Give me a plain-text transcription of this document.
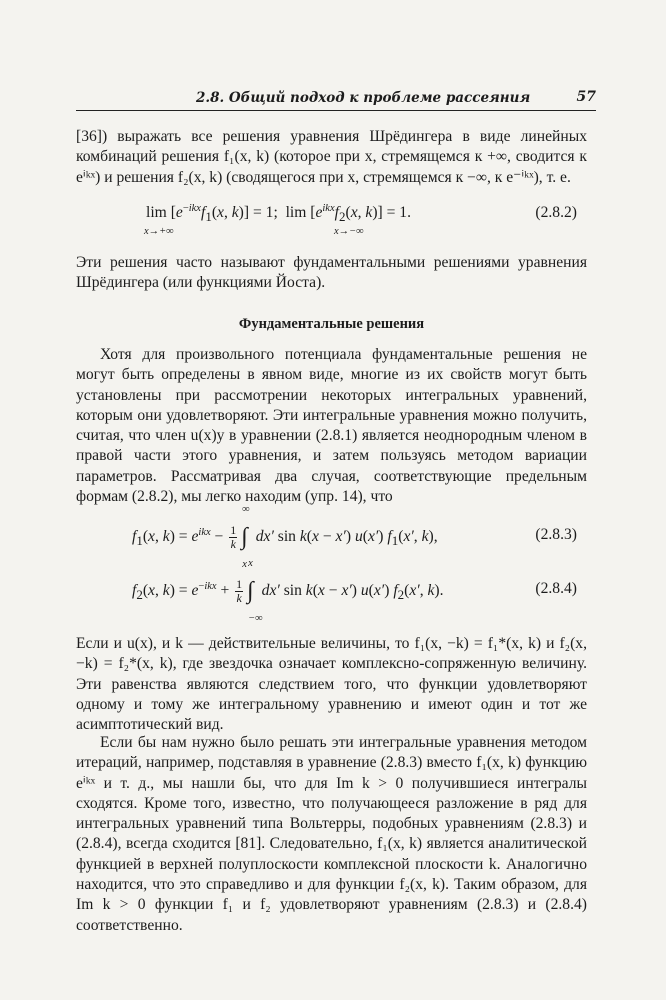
2.8. Общий подход к проблеме рассеяния	57
[36]) выражать все решения уравнения Шрёдингера в виде линейных комбинаций решения f₁(x, k) (которое при x, стремящемся к +∞, сводится к eⁱᵏˣ) и решения f₂(x, k) (сводящегося при x, стремящемся к −∞, к e⁻ⁱᵏˣ), т. е.
$\lim [e^{-ikx}f_1(x$, k)] = 1;  $\lim [e^{ikx}f_2(x$, k)] = 1.
x→+∞	x→−∞
(2.8.2)
Эти решения часто называют фундаментальными решениями уравнения Шрёдингера (или функциями Йоста).
Фундаментальные решения
Хотя для произвольного потенциала фундаментальные решения не могут быть определены в явном виде, многие из их свойств могут быть установлены при рассмотрении некоторых интегральных уравнений, которым они удовлетворяют. Эти интегральные уравнения можно получить, считая, что член u(x)y в уравнении (2.8.1) является неоднородным членом в правой части этого уравнения, и затем пользуясь методом вариации параметров. Рассматривая два случая, соответствующие предельным формам (2.8.2), мы легко находим (упр. 14), что
$f_1(x$, $k) = e^{ikx} - \frac{1}{k}$ ∫
∞
x
dx′ sin k(x − x′) u(x′) $f_1(x'$, k),	(2.8.3)
$f_2(x$, $k) = e^{-ikx} + \frac{1}{k}$ ∫
x
−∞
dx′ sin k(x − x′) u(x′) $f_2(x'$, k).	(2.8.4)
Если и u(x), и k — действительные величины, то f₁(x, −k) = f₁*(x, k) и f₂(x, −k) = f₂*(x, k), где звездочка означает комплексно-сопряженную величину. Эти равенства являются следствием того, что функции удовлетворяют одному и тому же интегральному уравнению и имеют один и тот же асимптотический вид.
Если бы нам нужно было решать эти интегральные уравнения методом итераций, например, подставляя в уравнение (2.8.3) вместо f₁(x, k) функцию eⁱᵏˣ и т. д., мы нашли бы, что для Im k > 0 получившиеся интегралы сходятся. Кроме того, известно, что получающееся разложение в ряд для интегральных уравнений типа Вольтерры, подобных уравнениям (2.8.3) и (2.8.4), всегда сходится [81]. Следовательно, f₁(x, k) является аналитической функцией в верхней полуплоскости комплексной плоскости k. Аналогично находится, что это справедливо и для функции f₂(x, k). Таким образом, для Im k > 0 функции f₁ и f₂ удовлетворяют уравнениям (2.8.3) и (2.8.4) соответственно.
